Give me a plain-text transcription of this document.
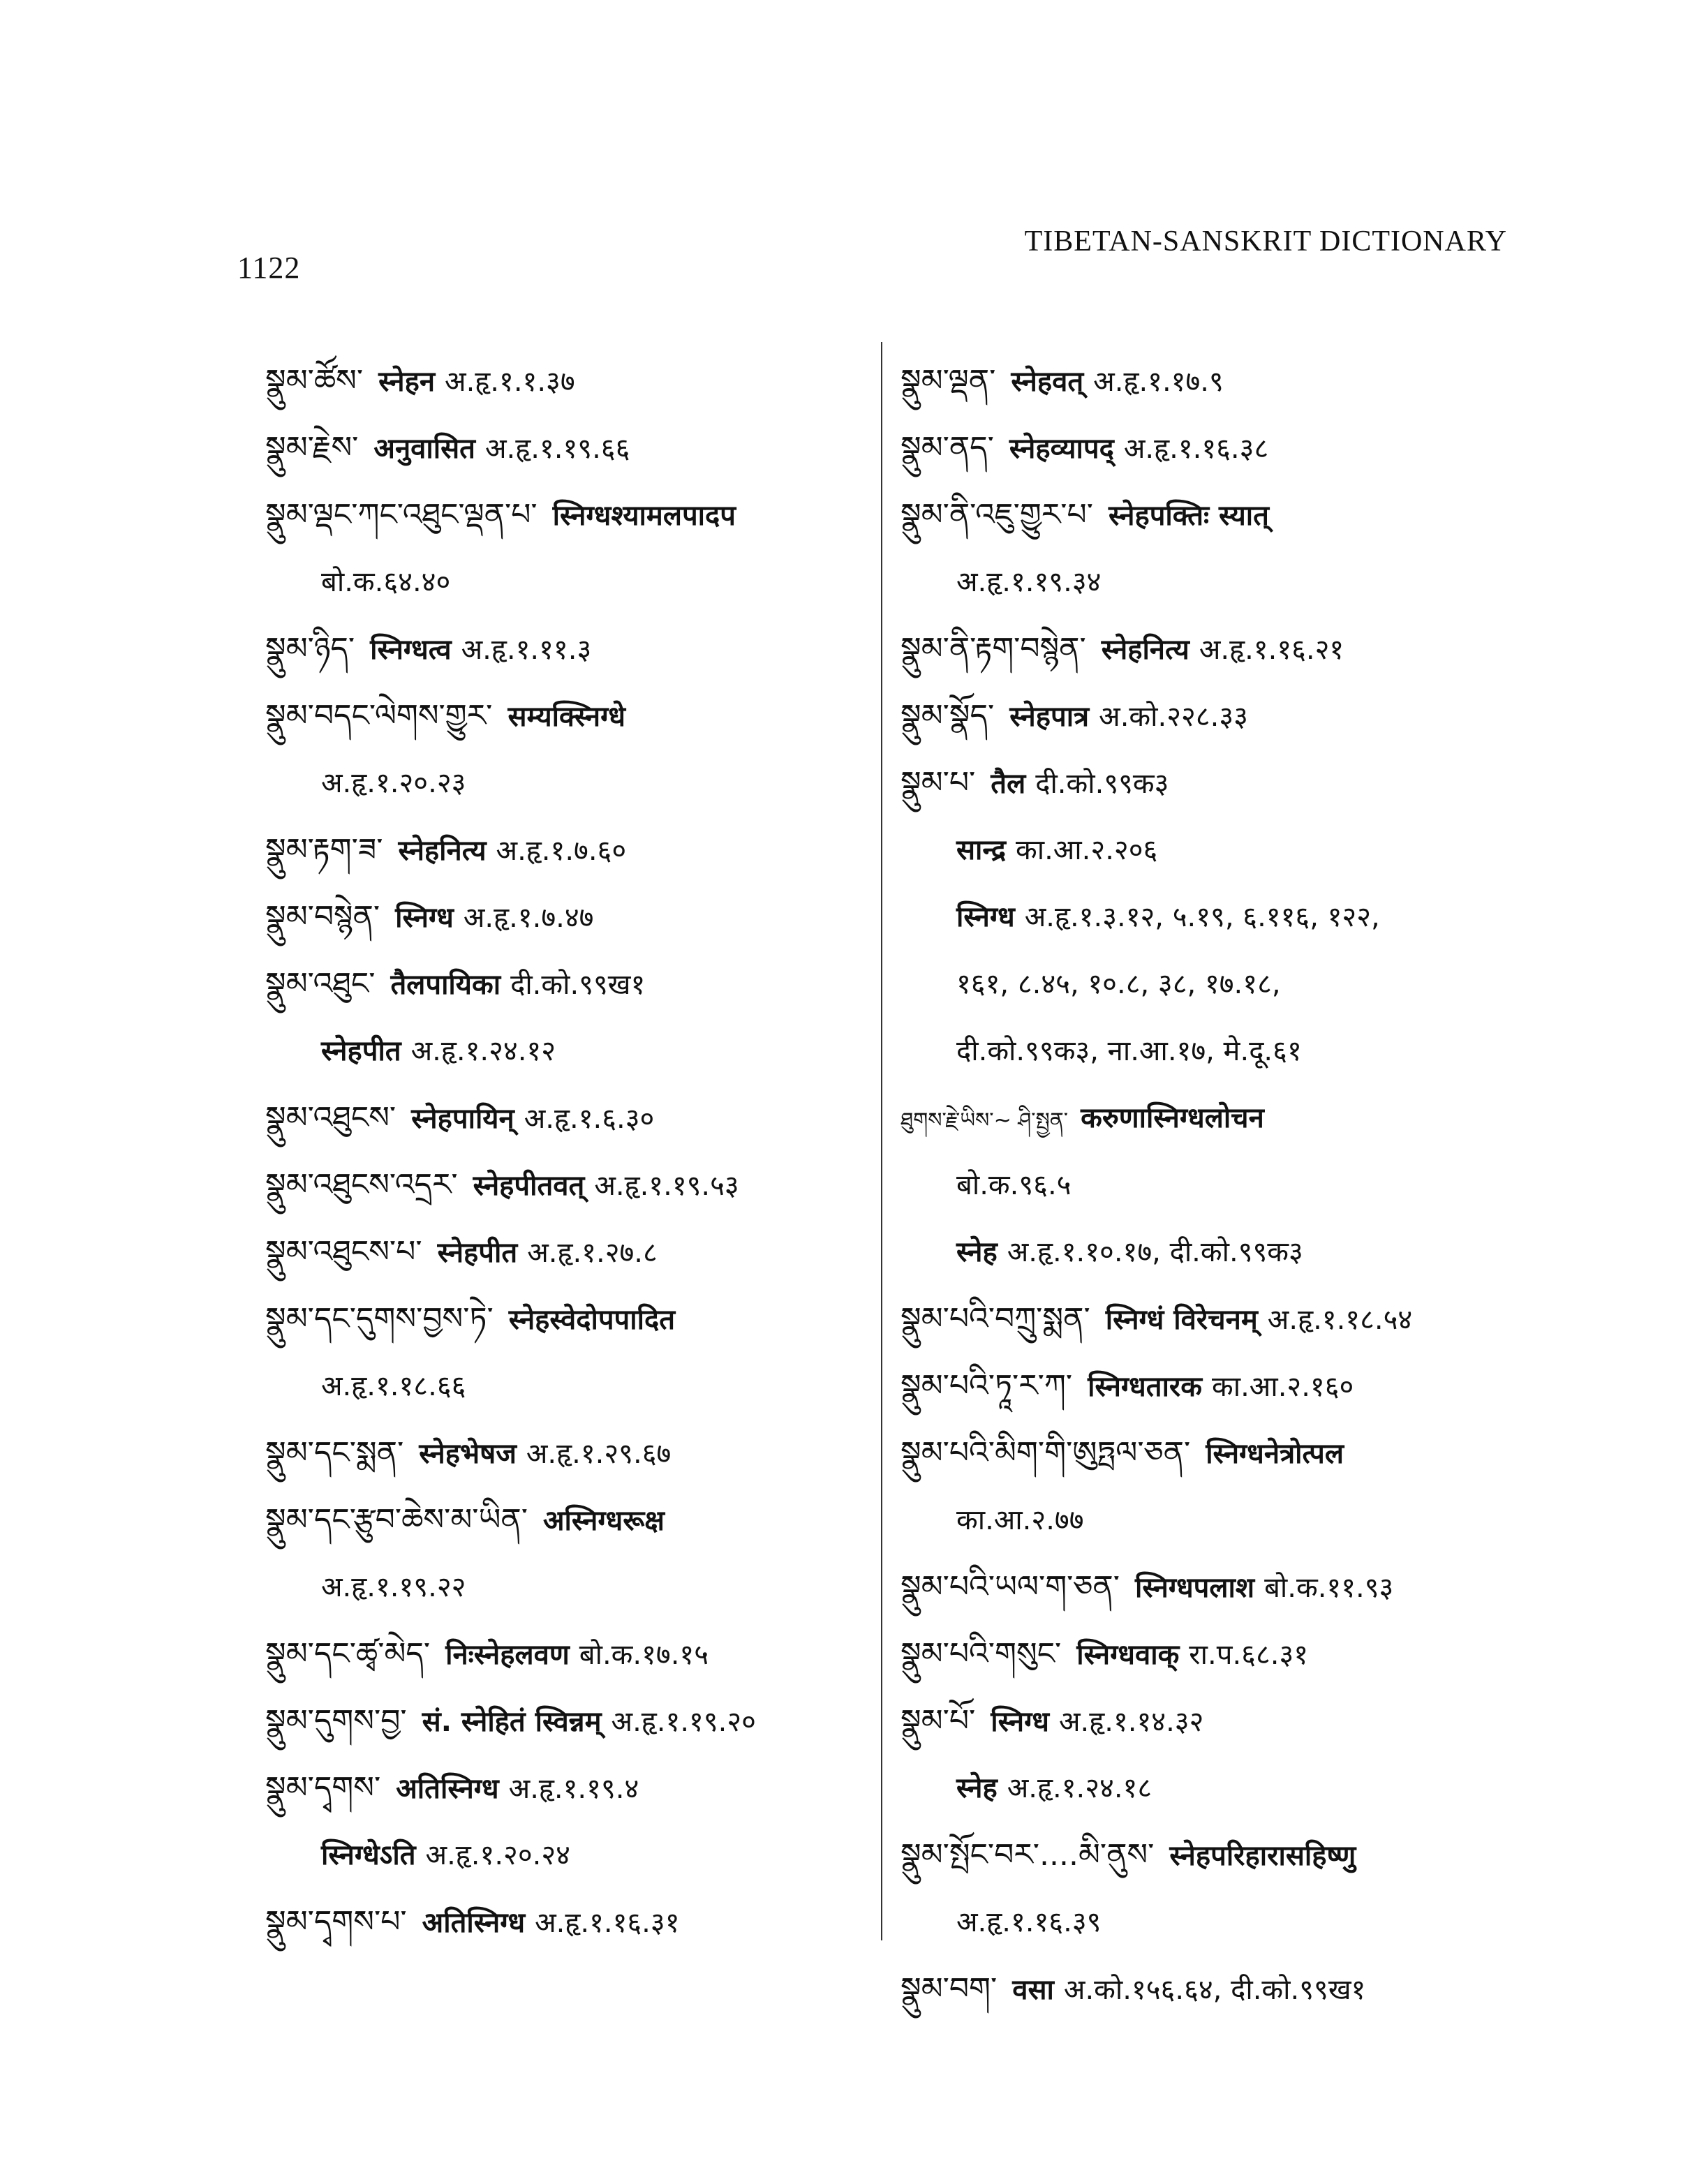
1122
TIBETAN-SANSKRIT DICTIONARY
སྣུམ་ཚོས་ स्नेहन अ.हृ.१.१.३७
སྣུམ་རྗེས་ अनुवासित अ.हृ.१.१९.६६
སྣུམ་ལྡང་ཀང་འཐུང་ལྡན་པ་ स्निग्धश्यामलपादप
बो.क.६४.४०
སྣུམ་ཉིད་ स्निग्धत्व अ.हृ.१.११.३
སྣུམ་བདང་ལེགས་གྱུར་ सम्यक्स्निग्धे
अ.हृ.१.२०.२३
སྣུམ་རྟག་ཟ་ स्नेहनित्य अ.हृ.१.७.६०
སྣུམ་བསྙེན་ स्निग्ध अ.हृ.१.७.४७
སྣུམ་འཐུང་ तैलपायिका दी.को.९९ख१
स्नेहपीत अ.हृ.१.२४.१२
སྣུམ་འཐུངས་ स्नेहपायिन् अ.हृ.१.६.३०
སྣུམ་འཐུངས་འདྲར་ स्नेहपीतवत् अ.हृ.१.१९.५३
སྣུམ་འཐུངས་པ་ स्नेहपीत अ.हृ.१.२७.८
སྣུམ་དང་དུགས་བྱས་ཏེ་ स्नेहस्वेदोपपादित
अ.हृ.१.१८.६६
སྣུམ་དང་སྨན་ स्नेहभेषज अ.हृ.१.२९.६७
སྣུམ་དང་རྩུབ་ཆེས་མ་ཡིན་ अस्निग्धरूक्ष
अ.हृ.१.१९.२२
སྣུམ་དང་ཚྭ་མེད་ निःस्नेहलवण बो.क.१७.१५
སྣུམ་དུགས་བྱ་ सं. स्नेहितं स्विन्नम् अ.हृ.१.१९.२०
སྣུམ་དྭགས་ अतिस्निग्ध अ.हृ.१.१९.४
स्निग्धेऽति अ.हृ.१.२०.२४
སྣུམ་དྭགས་པ་ अतिस्निग्ध अ.हृ.१.१६.३१
སྣུམ་ལྡན་ स्नेहवत् अ.हृ.१.१७.९
སྣུམ་ནད་ स्नेहव्यापद् अ.हृ.१.१६.३८
སྣུམ་ནི་འཇུ་གྱུར་པ་ स्नेहपक्तिः स्यात्
अ.हृ.१.१९.३४
སྣུམ་ནི་རྟག་བསྙེན་ स्नेहनित्य अ.हृ.१.१६.२१
སྣུམ་སྣོད་ स्नेहपात्र अ.को.२२८.३३
སྣུམ་པ་ तैल दी.को.९९क३
सान्द्र का.आ.२.२०६
स्निग्ध अ.हृ.१.३.१२, ५.१९, ६.११६, १२२,
१६१, ८.४५, १०.८, ३८, १७.१८,
दी.को.९९क३, ना.आ.१७, मे.दू.६१
ཐུགས་རྗེ་ཡིས་~ ཤི་སྤྱན་ करुणास्निग्धलोचन
बो.क.९६.५
स्नेह अ.हृ.१.१०.१७, दी.को.९९क३
སྣུམ་པའི་བཀྲུ་སྨན་ स्निग्धं विरेचनम् अ.हृ.१.१८.५४
སྣུམ་པའི་ཏཱ་ར་ཀ་ स्निग्धतारक का.आ.२.१६०
སྣུམ་པའི་མིག་གི་ཨུཏྤལ་ཅན་ स्निग्धनेत्रोत्पल
का.आ.२.७७
སྣུམ་པའི་ཡལ་ག་ཅན་ स्निग्धपलाश बो.क.११.९३
སྣུམ་པའི་གསུང་ स्निग्धवाक् रा.प.६८.३१
སྣུམ་པོ་ स्निग्ध अ.हृ.१.१४.३२
स्नेह अ.हृ.१.२४.१८
སྣུམ་སྤོང་བར་....མི་ནུས་ स्नेहपरिहारासहिष्णु
अ.हृ.१.१६.३९
སྣུམ་བག་ वसा अ.को.१५६.६४, दी.को.९९ख१
